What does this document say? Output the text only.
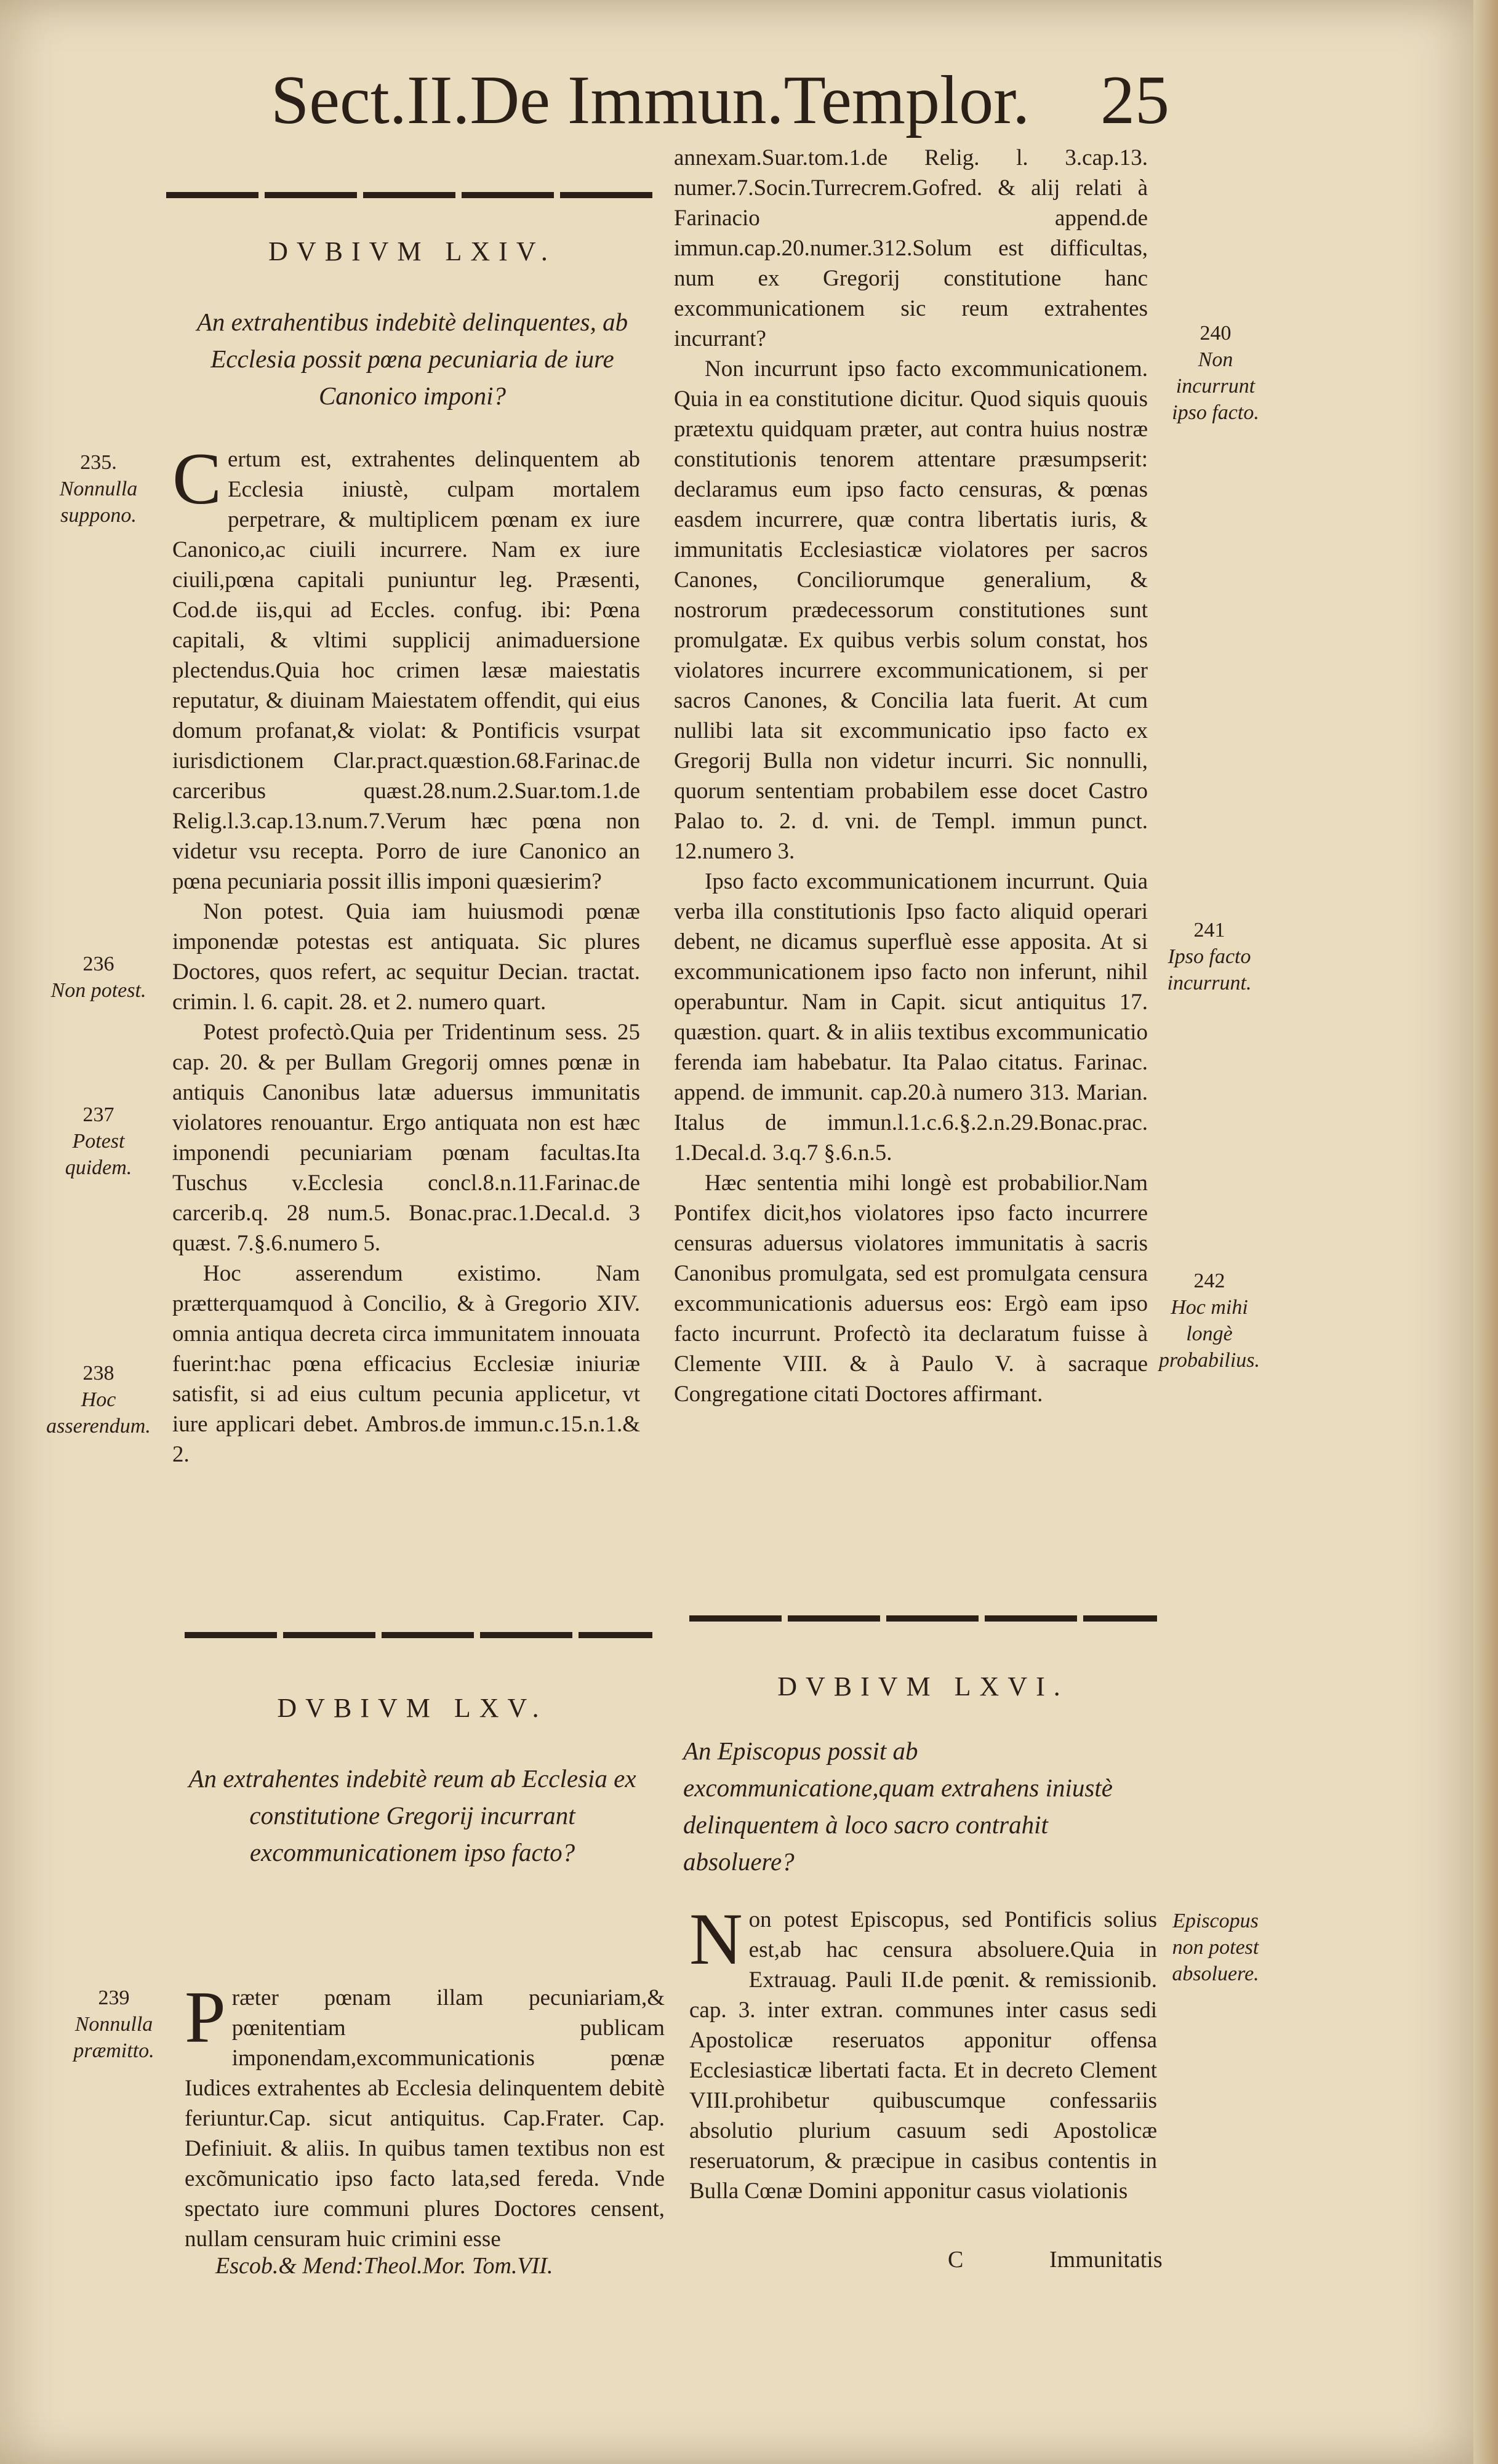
Sect.II.De Immun.Templor. 25
DVBIVM LXIV.
An extrahentibus indebitè delinquentes, ab Ecclesia possit pœna pecuniaria de iure Canonico imponi?

Certum est, extrahentes delinquentem ab Ecclesia iniustè, culpam mortalem perpetrare, & multiplicem pœnam ex iure Canonico,ac ciuili incurrere. Nam ex iure ciuili,pœna capitali puniuntur leg. Præsenti, Cod.de iis,qui ad Eccles. confug. ibi: Pœna capitali, & vltimi supplicij animaduersione plectendus.Quia hoc crimen læsæ maiestatis reputatur, & diuinam Maiestatem offendit, qui eius domum profanat,& violat: & Pontificis vsurpat iurisdictionem Clar.pract.quæstion.68.Farinac.de carceribus quæst.28.num.2.Suar.tom.1.de Relig.l.3.cap.13.num.7.Verum hæc pœna non videtur vsu recepta. Porro de iure Canonico an pœna pecuniaria possit illis imponi quæsierim?

Non potest. Quia iam huiusmodi pœnæ imponendæ potestas est antiquata. Sic plures Doctores, quos refert, ac sequitur Decian. tractat. crimin. l. 6. capit. 28. et 2. numero quart.

Potest profectò.Quia per Tridentinum sess. 25 cap. 20. & per Bullam Gregorij omnes pœnæ in antiquis Canonibus latæ aduersus immunitatis violatores renouantur. Ergo antiquata non est hæc imponendi pecuniariam pœnam facultas.Ita Tuschus v.Ecclesia concl.8.n.11.Farinac.de carcerib.q. 28 num.5. Bonac.prac.1.Decal.d. 3 quæst. 7.§.6.numero 5.

Hoc asserendum existimo. Nam prætterquamquod à Concilio, & à Gregorio XIV. omnia antiqua decreta circa immunitatem innouata fuerint:hac pœna efficacius Ecclesiæ iniuriæ satisfit, si ad eius cultum pecunia applicetur, vt iure applicari debet. Ambros.de immun.c.15.n.1.& 2.

DVBIVM LXV.
An extrahentes indebitè reum ab Ecclesia ex constitutione Gregorij incurrant excommunicationem ipso facto?

Præter pœnam illam pecuniariam,& pœnitentiam publicam imponendam,excommunicationis pœnæ Iudices extrahentes ab Ecclesia delinquentem debitè feriuntur.Cap. sicut antiquitus. Cap.Frater. Cap. Definiuit. & aliis. In quibus tamen textibus non est excõmunicatio ipso facto lata,sed fereda. Vnde spectato iure communi plures Doctores censent, nullam censuram huic crimini esse

Escob.& Mend:Theol.Mor. Tom.VII.
235.
Nonnulla suppono.
236
Non potest.
237
Potest quidem.
238
Hoc asserendum.
239
Nonnulla præmitto.

annexam.Suar.tom.1.de Relig. l. 3.cap.13. numer.7.Socin.Turrecrem.Gofred. & alij relati à Farinacio append.de immun.cap.20.numer.312.Solum est difficultas, num ex Gregorij constitutione hanc excommunicationem sic reum extrahentes incurrant?

Non incurrunt ipso facto excommunicationem. Quia in ea constitutione dicitur. Quod siquis quouis prætextu quidquam præter, aut contra huius nostræ constitutionis tenorem attentare præsumpserit: declaramus eum ipso facto censuras, & pœnas easdem incurrere, quæ contra libertatis iuris, & immunitatis Ecclesiasticæ violatores per sacros Canones, Conciliorumque generalium, & nostrorum prædecessorum constitutiones sunt promulgatæ. Ex quibus verbis solum constat, hos violatores incurrere excommunicationem, si per sacros Canones, & Concilia lata fuerit. At cum nullibi lata sit excommunicatio ipso facto ex Gregorij Bulla non videtur incurri. Sic nonnulli, quorum sententiam probabilem esse docet Castro Palao to. 2. d. vni. de Templ. immun punct. 12.numero 3.

Ipso facto excommunicationem incurrunt. Quia verba illa constitutionis Ipso facto aliquid operari debent, ne dicamus superfluè esse apposita. At si excommunicationem ipso facto non inferunt, nihil operabuntur. Nam in Capit. sicut antiquitus 17. quæstion. quart. & in aliis textibus excommunicatio ferenda iam habebatur. Ita Palao citatus. Farinac. append. de immunit. cap.20.à numero 313. Marian. Italus de immun.l.1.c.6.§.2.n.29.Bonac.prac. 1.Decal.d. 3.q.7 §.6.n.5.

Hæc sententia mihi longè est probabilior.Nam Pontifex dicit,hos violatores ipso facto incurrere censuras aduersus violatores immunitatis à sacris Canonibus promulgata, sed est promulgata censura excommunicationis aduersus eos: Ergò eam ipso facto incurrunt. Profectò ita declaratum fuisse à Clemente VIII. & à Paulo V. à sacraque Congregatione citati Doctores affirmant.

DVBIVM LXVI.
An Episcopus possit ab excommunicatione,quam extrahens iniustè delinquentem à loco sacro contrahit absoluere?

Non potest Episcopus, sed Pontificis solius est,ab hac censura absoluere.Quia in Extrauag. Pauli II.de pœnit. & remissionib. cap. 3. inter extran. communes inter casus sedi Apostolicæ reseruatos apponitur offensa Ecclesiasticæ libertati facta. Et in decreto Clement VIII.prohibetur quibuscumque confessariis absolutio plurium casuum sedi Apostolicæ reseruatorum, & præcipue in casibus contentis in Bulla Cœnæ Domini apponitur casus violationis

C	Immunitatis
240
Non incurrunt ipso facto.
241
Ipso facto incurrunt.
242
Hoc mihi longè probabilius.
Episcopus non potest absoluere.
